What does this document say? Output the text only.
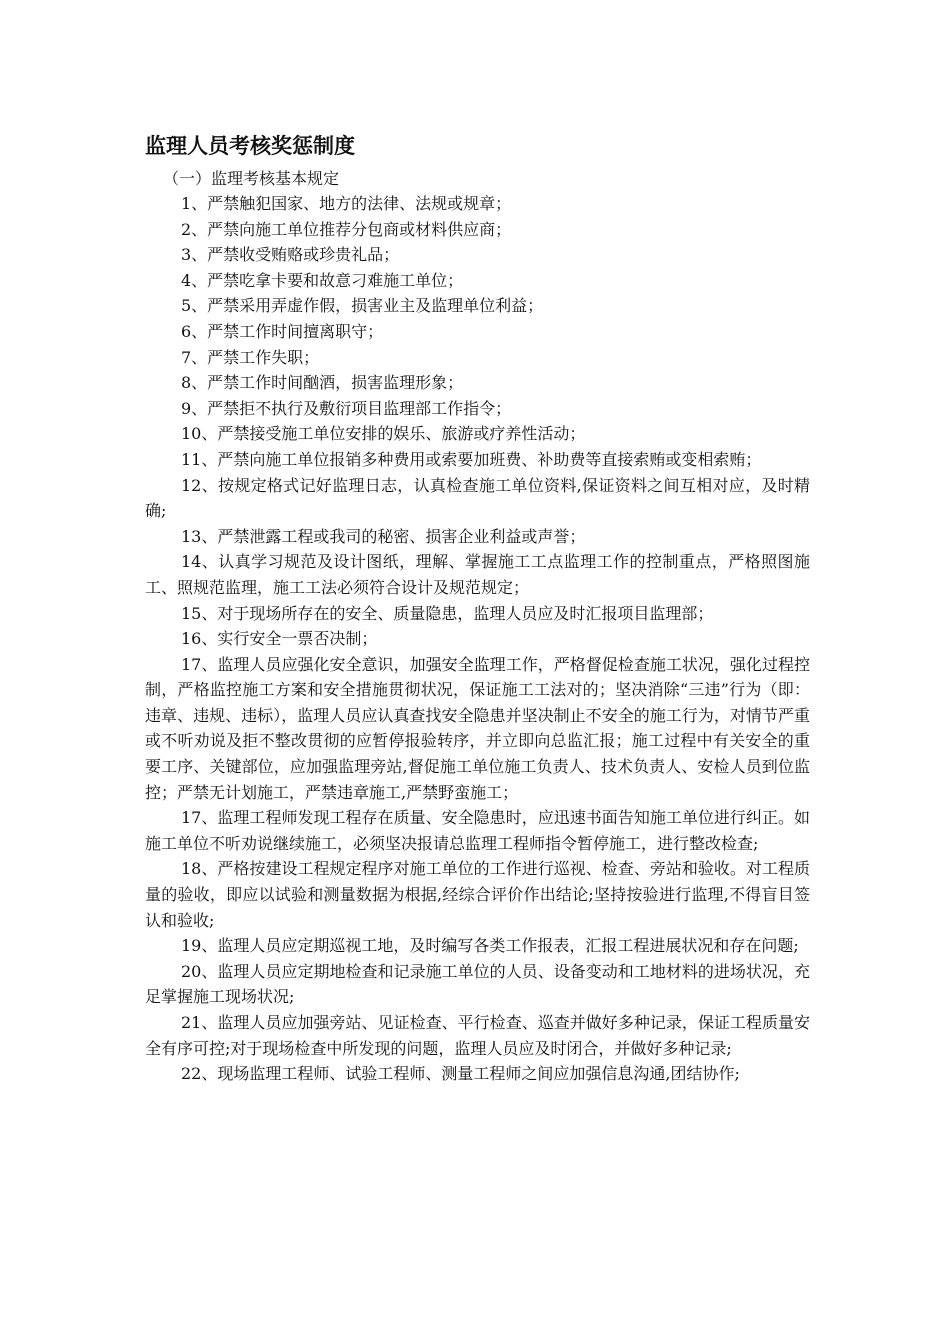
监理人员考核奖惩制度

（一）监理考核基本规定

1、严禁触犯国家、地方的法律、法规或规章；

2、严禁向施工单位推荐分包商或材料供应商；

3、严禁收受贿赂或珍贵礼品；

4、严禁吃拿卡要和故意刁难施工单位；

5、严禁采用弄虚作假，损害业主及监理单位利益；

6、严禁工作时间擅离职守；

7、严禁工作失职；

8、严禁工作时间酗酒，损害监理形象；

9、严禁拒不执行及敷衍项目监理部工作指令；

10、严禁接受施工单位安排的娱乐、旅游或疗养性活动；

11、严禁向施工单位报销多种费用或索要加班费、补助费等直接索贿或变相索贿；

12、按规定格式记好监理日志，认真检查施工单位资料,保证资料之间互相对应，及时精确;

13、严禁泄露工程或我司的秘密、损害企业利益或声誉；

14、认真学习规范及设计图纸，理解、掌握施工工点监理工作的控制重点，严格照图施工、照规范监理，施工工法必须符合设计及规范规定；

15、对于现场所存在的安全、质量隐患，监理人员应及时汇报项目监理部；

16、实行安全一票否决制；

17、监理人员应强化安全意识，加强安全监理工作，严格督促检查施工状况，强化过程控制，严格监控施工方案和安全措施贯彻状况，保证施工工法对的；坚决消除“三违”行为（即：违章、违规、违标），监理人员应认真查找安全隐患并坚决制止不安全的施工行为，对情节严重或不听劝说及拒不整改贯彻的应暂停报验转序，并立即向总监汇报；施工过程中有关安全的重要工序、关键部位，应加强监理旁站,督促施工单位施工负责人、技术负责人、安检人员到位监控；严禁无计划施工，严禁违章施工,严禁野蛮施工；

17、监理工程师发现工程存在质量、安全隐患时，应迅速书面告知施工单位进行纠正。如施工单位不听劝说继续施工，必须坚决报请总监理工程师指令暂停施工，进行整改检查;

18、严格按建设工程规定程序对施工单位的工作进行巡视、检查、旁站和验收。对工程质量的验收，即应以试验和测量数据为根据,经综合评价作出结论;坚持按验进行监理,不得盲目签认和验收;

19、监理人员应定期巡视工地，及时编写各类工作报表，汇报工程进展状况和存在问题;

20、监理人员应定期地检查和记录施工单位的人员、设备变动和工地材料的进场状况，充足掌握施工现场状况;

21、监理人员应加强旁站、见证检查、平行检查、巡查并做好多种记录，保证工程质量安全有序可控;对于现场检查中所发现的问题，监理人员应及时闭合，并做好多种记录;

22、现场监理工程师、试验工程师、测量工程师之间应加强信息沟通,团结协作;
